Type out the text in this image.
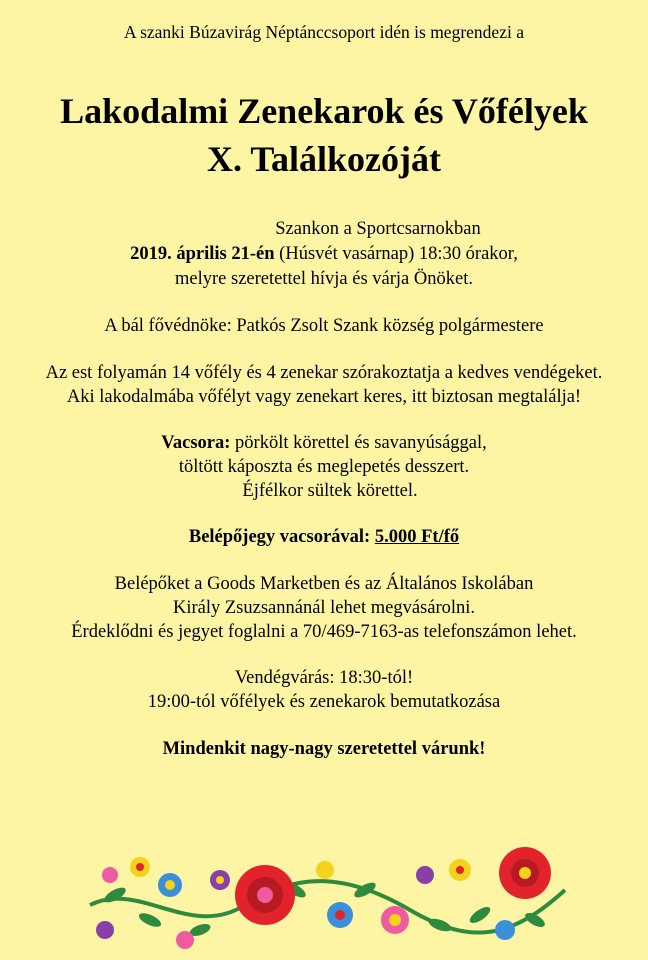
A szanki Búzavirág Néptánccsoport idén is megrendezi a
Lakodalmi Zenekarok és Vőfélyek
X. Találkozóját
Szankon a Sportcsarnokban
2019. április 21-én (Húsvét vasárnap) 18:30 órakor,
melyre szeretettel hívja és várja Önöket.
A bál fővédnöke: Patkós Zsolt Szank község polgármestere
Az est folyamán 14 vőfély és 4 zenekar szórakoztatja a kedves vendégeket.
Aki lakodalmába vőfélyt vagy zenekart keres, itt biztosan megtalálja!
Vacsora: pörkölt körettel és savanyúsággal,
töltött káposzta és meglepetés desszert.
Éjfélkor sültek körettel.
Belépőjegy vacsorával: 5.000 Ft/fő
Belépőket a Goods Marketben és az Általános Iskolában
Király Zsuzsannánál lehet megvásárolni.
Érdeklődni és jegyet foglalni a 70/469-7163-as telefonszámon lehet.
Vendégvárás: 18:30-tól!
19:00-tól vőfélyek és zenekarok bemutatkozása
Mindenkit nagy-nagy szeretettel várunk!
